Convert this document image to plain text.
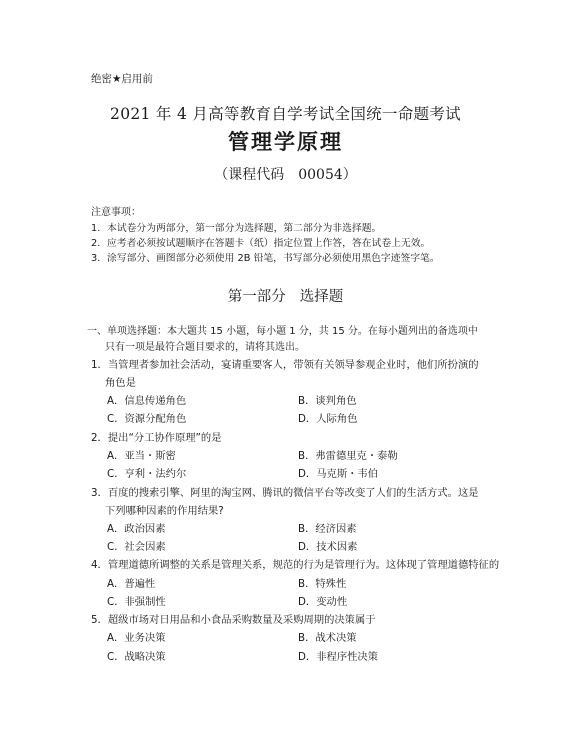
绝密★启用前
2021 年 4 月高等教育自学考试全国统一命题考试
管理学原理
（课程代码　00054）
注意事项：
1．本试卷分为两部分，第一部分为选择题，第二部分为非选择题。
2．应考者必须按试题顺序在答题卡（纸）指定位置上作答，答在试卷上无效。
3．涂写部分、画图部分必须使用 2B 铅笔，书写部分必须使用黑色字迹签字笔。
第一部分 选择题
一、单项选择题：本大题共 15 小题，每小题 1 分，共 15 分。在每小题列出的备选项中
只有一项是最符合题目要求的，请将其选出。
1．当管理者参加社会活动，宴请重要客人，带领有关领导参观企业时，他们所扮演的
角色是
A．信息传递角色	B．谈判角色
C．资源分配角色	D．人际角色
2．提出“分工协作原理”的是
A．亚当・斯密	B．弗雷德里克・泰勒
C．亨利・法约尔	D．马克斯・韦伯
3．百度的搜索引擎、阿里的淘宝网、腾讯的微信平台等改变了人们的生活方式。这是
下列哪种因素的作用结果?
A．政治因素	B．经济因素
C．社会因素	D．技术因素
4．管理道德所调整的关系是管理关系，规范的行为是管理行为。这体现了管理道德特征的
A．普遍性	B．特殊性
C．非强制性	D．变动性
5．超级市场对日用品和小食品采购数量及采购周期的决策属于
A．业务决策	B．战术决策
C．战略决策	D．非程序性决策
